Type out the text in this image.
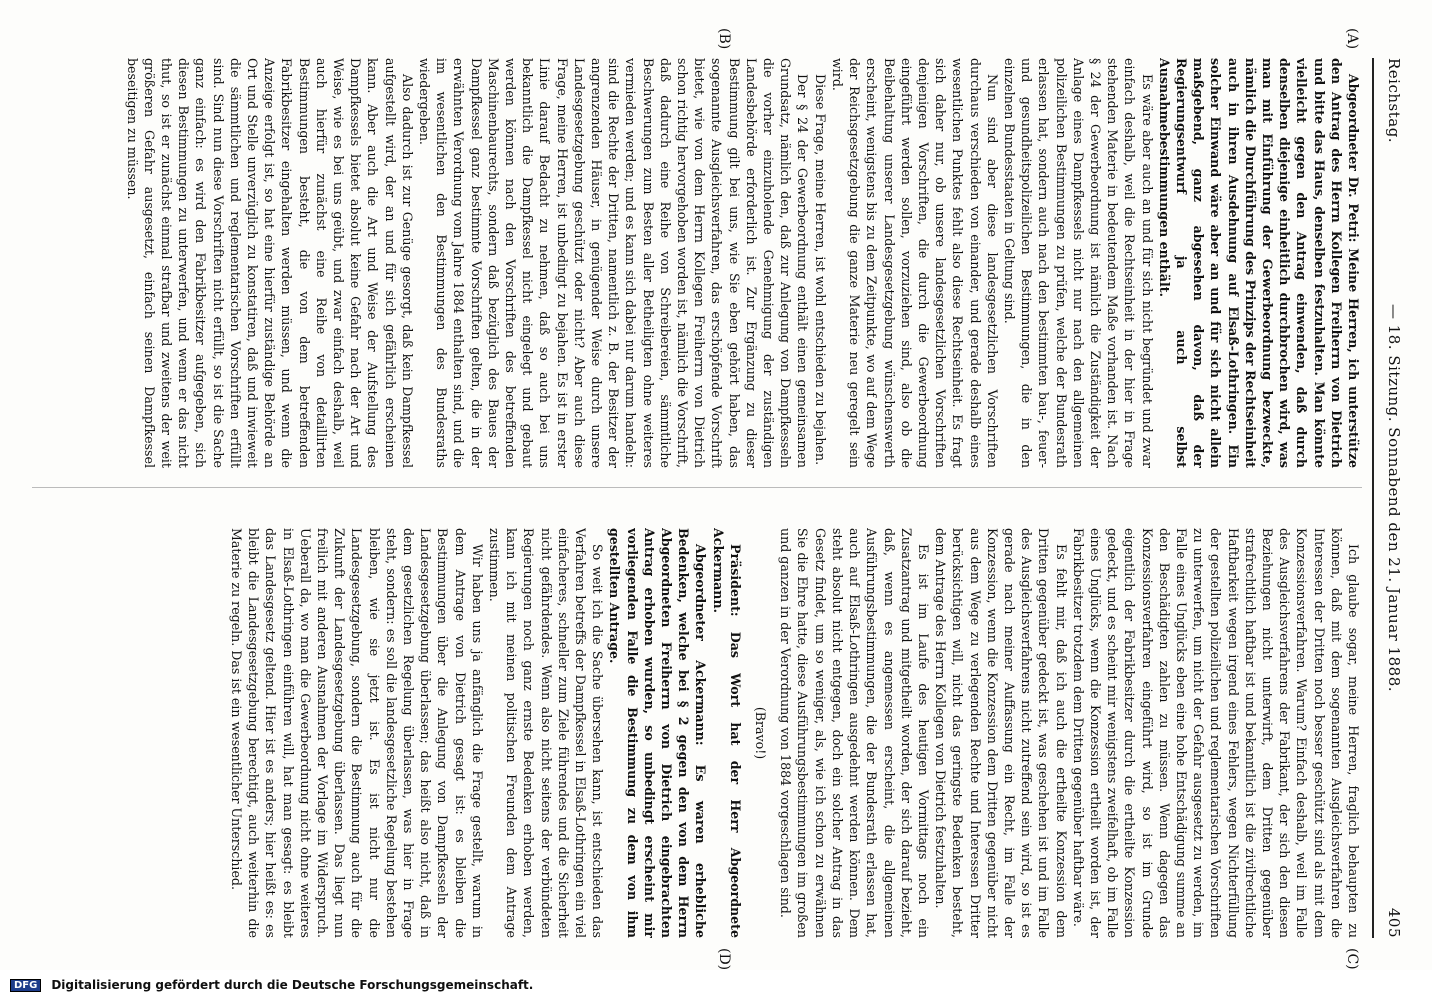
Reichstag.
— 18. Sitzung. Sonnabend den 21. Januar 1888.
405
(A)
(B)
(C)
(D)

Abgeordneter Dr. Petri: Meine Herren, ich unterstütze den Antrag des Herrn Kollegen Freiherrn von Dietrich und bitte das Haus, denselben festzuhalten. Man könnte vielleicht gegen den Antrag einwenden, daß durch denselben diejenige einheitlich durchbrochen wird, was man mit Einführung der Gewerbeordnung bezweckte, nämlich die Durchführung des Prinzips der Rechtseinheit auch in ihren Ausdehnung auf Elsaß-Lothringen. Ein solcher Einwand wäre aber an und für sich nicht allein maßgebend, ganz abgesehen davon, daß der Regierungsentwurf ja auch selbst Ausnahmebestimmungen enthält.

Es wäre aber auch an und für sich nicht begründet und zwar einfach deshalb, weil die Rechtseinheit in der hier in Frage stehenden Materie in bedeutendem Maße vorhanden ist. Nach § 24 der Gewerbeordnung ist nämlich die Zuständigkeit der Anlage eines Dampfkessels nicht nur nach den allgemeinen polizeilichen Bestimmungen zu prüfen, welche der Bundesrath erlassen hat, sondern auch nach den bestimmten bau-, feuer- und gesundheitspolizeilichen Bestimmungen, die in den einzelnen Bundesstaaten in Geltung sind.

Nun sind aber diese landesgesetzlichen Vorschriften durchaus verschieden von einander, und gerade deshalb eines wesentlichen Punktes fehlt also diese Rechtseinheit. Es fragt sich daher nur, ob unsere landesgesetzlichen Vorschriften denjenigen Vorschriften, die durch die Gewerbeordnung eingeführt werden sollen, vorzuziehen sind, also ob die Beibehaltung unserer Landesgesetzgebung wünschenswerth erscheint, wenigstens bis zu dem Zeitpunkte, wo auf dem Wege der Reichsgesetzgebung die ganze Materie neu geregelt sein wird.

Diese Frage, meine Herren, ist wohl entschieden zu bejahen.

Der § 24 der Gewerbeordnung enthält einen gemeinsamen Grundsatz, nämlich den, daß zur Anlegung von Dampfkesseln die vorher einzuholende Genehmigung der zuständigen Landesbehörde erforderlich ist. Zur Ergänzung zu dieser Bestimmung gilt bei uns, wie Sie eben gehört haben, das sogenannte Ausgleichsverfahren, das erschöpfende Vorschrift bietet, wie von dem Herrn Kollegen Freiherrn von Dietrich schon richtig hervorgehoben worden ist, nämlich die Vorschrift, daß dadurch eine Reihe von Schreibereien, sämmtliche Beschwerungen zum Besten aller Betheiligten ohne weiteres vermieden werden; und es kann sich dabei nur darum handeln: sind die Rechte der Dritten, namentlich z. B. der Besitzer der angrenzenden Häuser, in genügender Weise durch unsere Landesgesetzgebung geschützt oder nicht? Aber auch diese Frage, meine Herren, ist unbedingt zu bejahen. Es ist in erster Linie darauf Bedacht zu nehmen, daß so auch bei uns bekanntlich die Dampfkessel nicht eingelegt und gebaut werden können nach den Vorschriften des betreffenden Maschinenbaurechts, sondern daß bezüglich des Baues der Dampfkessel ganz bestimmte Vorschriften gelten, die in der erwähnten Verordnung vom Jahre 1884 enthalten sind, und die im wesentlichen den Bestimmungen des Bundesraths wiedergeben.

Also dadurch ist zur Genüge gesorgt, daß kein Dampfkessel aufgestellt wird, der an und für sich gefährlich erscheinen kann. Aber auch die Art und Weise der Aufstellung des Dampfkessels bietet absolut keine Gefahr nach der Art und Weise, wie es bei uns geübt, und zwar einfach deshalb, weil auch hierfür zunächst eine Reihe von detaillirten Bestimmungen besteht, die von dem betreffenden Fabrikbesitzer eingehalten werden müssen, und wenn die Anzeige erfolgt ist, so hat eine hierfür zuständige Behörde an Ort und Stelle unverzüglich zu konstatiren, daß und inwieweit die sämmtlichen und reglementarischen Vorschriften erfüllt sind. Sind nun diese Vorschriften nicht erfüllt, so ist die Sache ganz einfach: es wird den Fabrikbesitzer aufgegeben, sich diesen Bestimmungen zu unterwerfen, und wenn er das nicht thut, so ist er zunächst einmal strafbar und zweitens der weit größeren Gefahr ausgesetzt, einfach seinen Dampfkessel beseitigen zu müssen.

Ich glaube sogar, meine Herren, fraglich behaupten zu können, daß mit dem sogenannten Ausgleichsverfahren die Interessen der Dritten noch besser geschützt sind als mit dem Konzessionsverfahren. Warum? Einfach deshalb, weil im Falle des Ausgleichsverfahrens der Fabrikant, der sich den diesen Beziehungen nicht unterwirft, dem Dritten gegenüber strafrechtlich haftbar ist und bekanntlich ist die zivilrechtliche Haftbarkeit wegen irgend eines Fehlers, wegen Nichterfüllung der gestellten polizeilichen und reglementarischen Vorschriften zu unterwerfen, um nicht der Gefahr ausgesetzt zu werden, im Falle eines Unglücks eben eine hohe Entschädigung summe an den Beschädigten zahlen zu müssen. Wenn dagegen das Konzessionsverfahren eingeführt wird, so ist im Grunde eigentlich der Fabrikbesitzer durch die ertheilte Konzession gedeckt, und es scheint mir wenigstens zweifelhaft, ob im Falle eines Unglücks, wenn die Konzession ertheilt worden ist, der Fabrikbesitzer trotzdem dem Dritten gegenüber haftbar wäre.

Es fehlt mir, daß ich auch die ertheilte Konzession dem Dritten gegenüber gedeckt ist, was geschehen ist und im Falle des Ausgleichsverfahrens nicht zutreffend sein wird, so ist es gerade nach meiner Auffassung ein Recht, im Falle der Konzession, wenn die Konzession dem Dritten gegenüber nicht aus dem Wege zu verlegenden Rechte und Interessen Dritter berücksichtigen will, nicht das geringste Bedenken besteht, dem Antrage des Herrn Kollegen von Dietrich festzuhalten.

Es ist im Laufe des heutigen Vormittags noch ein Zusatzantrag und mitgetheilt worden, der sich darauf bezieht, daß, wenn es angemessen erscheint, die allgemeinen Ausführungsbestimmungen, die der Bundesrath erlassen hat, auch auf Elsaß-Lothringen ausgedehnt werden können. Dem steht absolut nicht entgegen, doch ein solcher Antrag in das Gesetz findet, um so weniger, als, wie ich schon zu erwähnen Sie die Ehre hatte, diese Ausführungsbestimmungen im großen und ganzen in der Verordnung von 1884 vorgeschlagen sind.

(Bravo!)

Präsident: Das Wort hat der Herr Abgeordnete Ackermann.

Abgeordneter Ackermann: Es waren erhebliche Bedenken, welche bei § 2 gegen den von dem Herrn Abgeordneten Freiherrn von Dietrich eingebrachten Antrag erhoben wurden, so unbedingt erscheint mir vorliegenden Falle die Bestimmung zu dem von ihm gestellten Antrage.

So weit ich die Sache übersehen kann, ist entschieden das Verfahren betreffs der Dampfkessel in Elsaß-Lothringen ein viel einfacheres, schneller zum Ziele führendes und die Sicherheit nicht gefährdendes. Wenn also nicht seitens der verbündeten Regierungen noch ganz ernste Bedenken erhoben werden, kann ich mit meinen politischen Freunden dem Antrage zustimmen.

Wir haben uns ja anfänglich die Frage gestellt, warum in dem Antrage von Dietrich gesagt ist: es bleiben die Bestimmungen über die Anlegung von Dampfkesseln der Landesgesetzgebung überlassen; das heißt also nicht, daß in dem gesetzlichen Regelung überlassen, was hier in Frage steht, sondern: es soll die landesgesetzliche Regelung bestehen bleiben, wie sie jetzt ist. Es ist nicht nur die Landesgesetzgebung, sondern die Bestimmung auch für die Zukunft der Landesgesetzgebung überlassen. Das liegt nun freilich mit anderen Ausnahmen der Vorlage im Widerspruch. Ueberall da, wo man die Gewerbeordnung nicht ohne weiteres in Elsaß-Lothringen einführen will, hat man gesagt: es bleibt das Landesgesetz geltend. Hier ist es anders; hier heißt es: es bleibt die Landesgesetzgebung berechtigt, auch weiterhin die Materie zu regeln. Das ist ein wesentlicher Unterschied.

DFG	Digitalisierung gefördert durch die Deutsche Forschungsgemeinschaft.
